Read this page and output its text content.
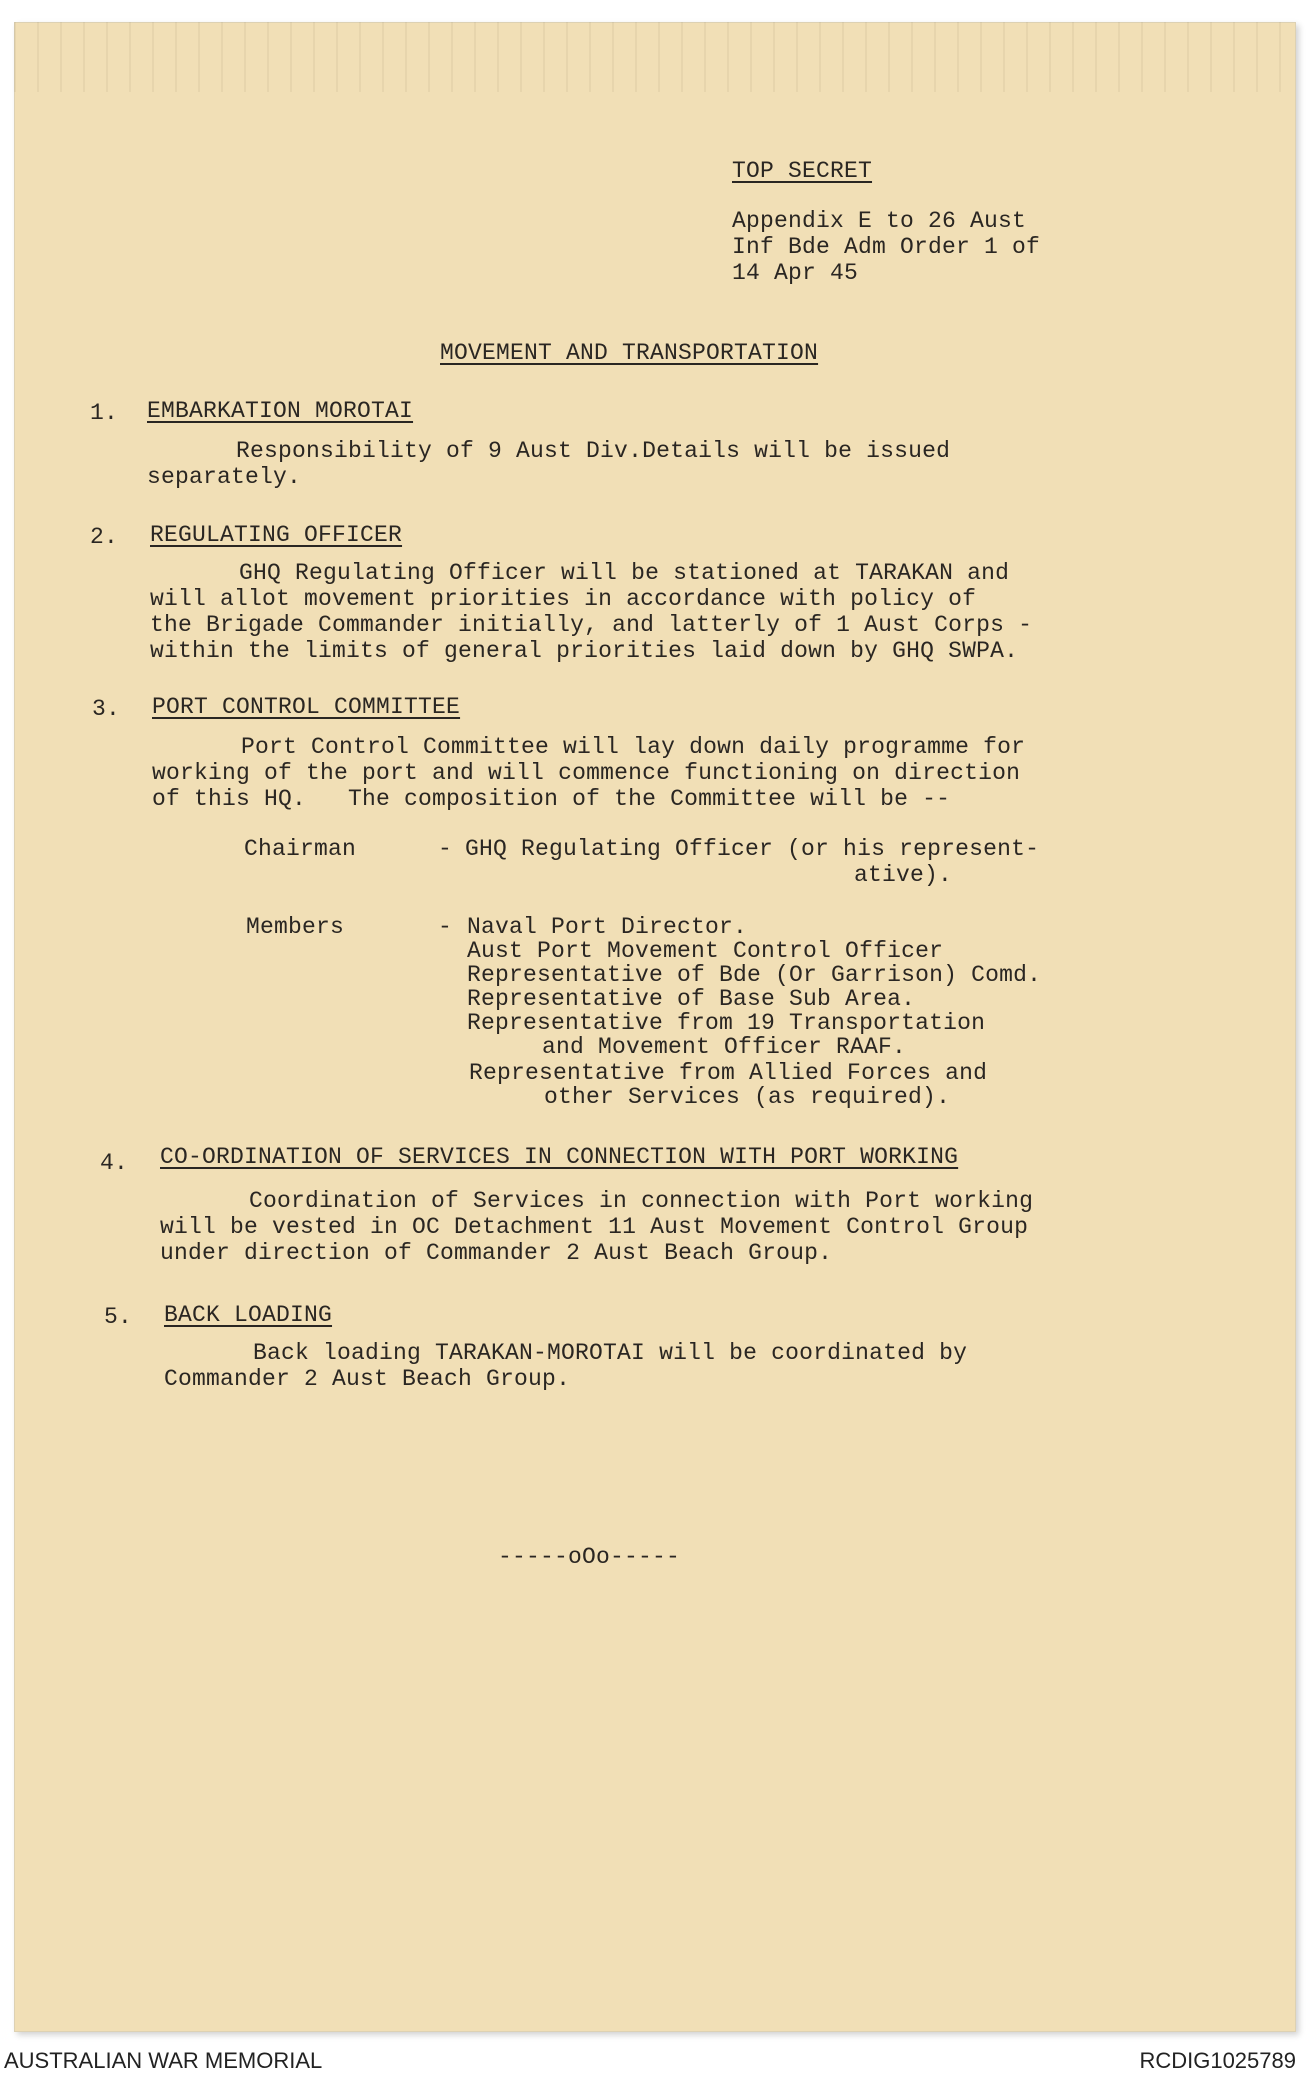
TOP SECRET
Appendix E to 26 Aust
Inf Bde Adm Order 1 of
14 Apr 45
MOVEMENT AND TRANSPORTATION
1. EMBARKATION MOROTAI
Responsibility of 9 Aust Div.Details will be issued
separately.
2. REGULATING OFFICER
GHQ Regulating Officer will be stationed at TARAKAN and
will allot movement priorities in accordance with policy of
the Brigade Commander initially, and latterly of 1 Aust Corps -
within the limits of general priorities laid down by GHQ SWPA.
3. PORT CONTROL COMMITTEE
Port Control Committee will lay down daily programme for
working of the port and will commence functioning on direction
of this HQ.   The composition of the Committee will be --
Chairman	- GHQ Regulating Officer (or his represent-
ative).
Members	- Naval Port Director.
Aust Port Movement Control Officer
Representative of Bde (Or Garrison) Comd.
Representative of Base Sub Area.
Representative from 19 Transportation
and Movement Officer RAAF.
Representative from Allied Forces and
other Services (as required).
4. CO-ORDINATION OF SERVICES IN CONNECTION WITH PORT WORKING
Coordination of Services in connection with Port working
will be vested in OC Detachment 11 Aust Movement Control Group
under direction of Commander 2 Aust Beach Group.
5. BACK LOADING
Back loading TARAKAN-MOROTAI will be coordinated by
Commander 2 Aust Beach Group.
-----oOo-----
AUSTRALIAN WAR MEMORIAL	RCDIG1025789
